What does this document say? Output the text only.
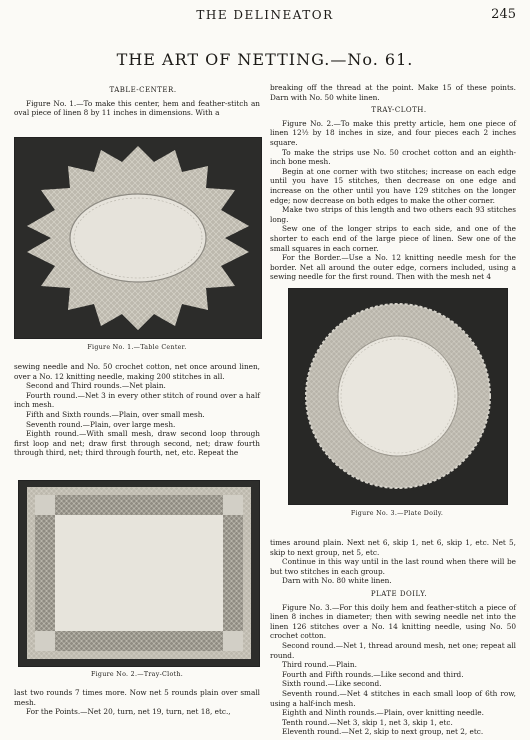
THE DELINEATOR	245
THE ART OF NETTING.—No. 61.

TABLE-CENTER.

Figure No. 1.—To make this center, hem and feather-stitch an oval piece of linen 8 by 11 inches in dimensions. With a

Figure No. 1.—Table Center.

sewing needle and No. 50 crochet cotton, net once around linen, over a No. 12 knitting needle, making 200 stitches in all.

Second and Third rounds.—Net plain.

Fourth round.—Net 3 in every other stitch of round over a half inch mesh.

Fifth and Sixth rounds.—Plain, over small mesh.

Seventh round.—Plain, over large mesh.

Eighth round.—With small mesh, draw second loop through first loop and net; draw first through second, net; draw fourth through third, net; third through fourth, net, etc. Repeat the

Figure No. 2.—Tray-Cloth.

last two rounds 7 times more. Now net 5 rounds plain over small mesh.

For the Points.—Net 20, turn, net 19, turn, net 18, etc.,

breaking off the thread at the point. Make 15 of these points. Darn with No. 50 white linen.

TRAY-CLOTH.

Figure No. 2.—To make this pretty article, hem one piece of linen 12½ by 18 inches in size, and four pieces each 2 inches square.

To make the strips use No. 50 crochet cotton and an eighth-inch bone mesh.

Begin at one corner with two stitches; increase on each edge until you have 15 stitches, then decrease on one edge and increase on the other until you have 129 stitches on the longer edge; now decrease on both edges to make the other corner.

Make two strips of this length and two others each 93 stitches long.

Sew one of the longer strips to each side, and one of the shorter to each end of the large piece of linen. Sew one of the small squares in each corner.

For the Border.—Use a No. 12 knitting needle mesh for the border. Net all around the outer edge, corners included, using a sewing needle for the first round. Then with the mesh net 4

Figure No. 3.—Plate Doily.

times around plain. Next net 6, skip 1, net 6, skip 1, etc. Net 5, skip to next group, net 5, etc.

Continue in this way until in the last round when there will be but two stitches in each group.

Darn with No. 80 white linen.

PLATE DOILY.

Figure No. 3.—For this doily hem and feather-stitch a piece of linen 8 inches in diameter; then with sewing needle net into the linen 126 stitches over a No. 14 knitting needle, using No. 50 crochet cotton.

Second round.—Net 1, thread around mesh, net one; repeat all round.

Third round.—Plain.

Fourth and Fifth rounds.—Like second and third.

Sixth round.—Like second.

Seventh round.—Net 4 stitches in each small loop of 6th row, using a half-inch mesh.

Eighth and Ninth rounds.—Plain, over knitting needle.

Tenth round.—Net 3, skip 1, net 3, skip 1, etc.

Eleventh round.—Net 2, skip to next group, net 2, etc.
